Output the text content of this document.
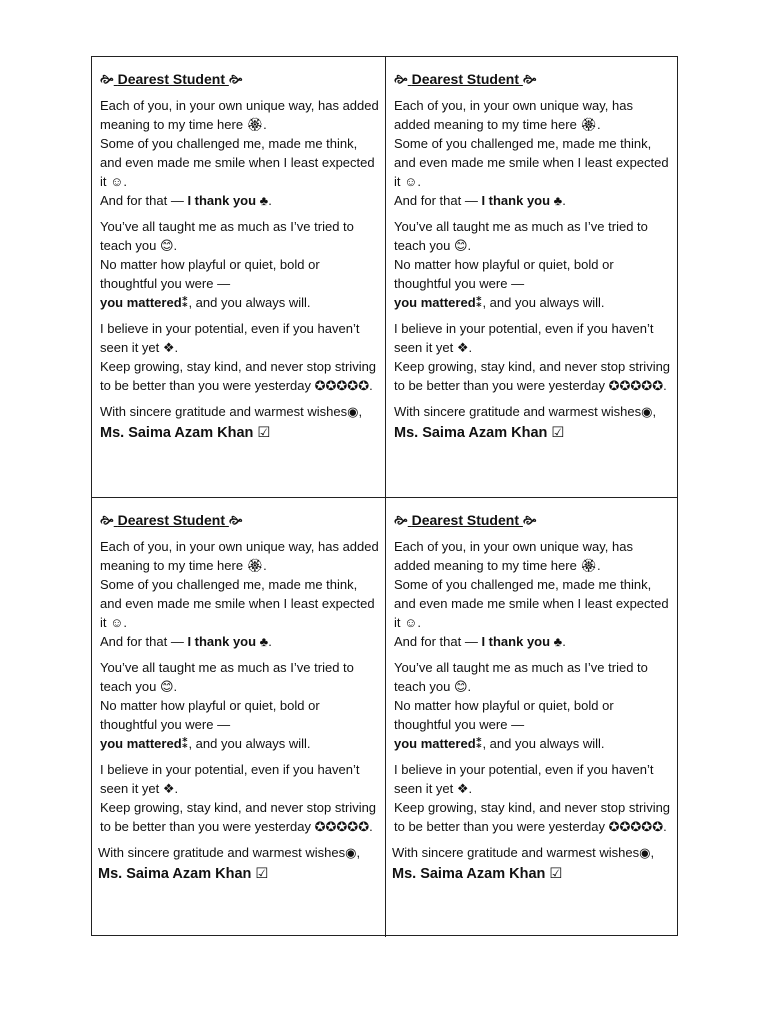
🙚 Dearest Student 🙚

Each of you, in your own unique way, has added meaning to my time here 🏵.

Some of you challenged me, made me think, and even made me smile when I least expected it ☺.

And for that — I thank you ♣.

You’ve all taught me as much as I’ve tried to teach you 😊.

No matter how playful or quiet, bold or thoughtful you were —

you mattered⁑, and you always will.

I believe in your potential, even if you haven’t seen it yet ❖.

Keep growing, stay kind, and never stop striving to be better than you were yesterday ✪✪✪✪✪.

With sincere gratitude and warmest wishes◉,

Ms. Saima Azam Khan ☑
🙚 Dearest Student 🙚

Each of you, in your own unique way, has added meaning to my time here 🏵.

Some of you challenged me, made me think, and even made me smile when I least expected it ☺.

And for that — I thank you ♣.

You’ve all taught me as much as I’ve tried to teach you 😊.

No matter how playful or quiet, bold or thoughtful you were —

you mattered⁑, and you always will.

I believe in your potential, even if you haven’t seen it yet ❖.

Keep growing, stay kind, and never stop striving to be better than you were yesterday ✪✪✪✪✪.

With sincere gratitude and warmest wishes◉,

Ms. Saima Azam Khan ☑
🙚 Dearest Student 🙚

Each of you, in your own unique way, has added meaning to my time here 🏵.

Some of you challenged me, made me think, and even made me smile when I least expected it ☺.

And for that — I thank you ♣.

You’ve all taught me as much as I’ve tried to teach you 😊.

No matter how playful or quiet, bold or thoughtful you were —

you mattered⁑, and you always will.

I believe in your potential, even if you haven’t seen it yet ❖.

Keep growing, stay kind, and never stop striving to be better than you were yesterday ✪✪✪✪✪.

With sincere gratitude and warmest wishes◉,

Ms. Saima Azam Khan ☑
🙚 Dearest Student 🙚

Each of you, in your own unique way, has added meaning to my time here 🏵.

Some of you challenged me, made me think, and even made me smile when I least expected it ☺.

And for that — I thank you ♣.

You’ve all taught me as much as I’ve tried to teach you 😊.

No matter how playful or quiet, bold or thoughtful you were —

you mattered⁑, and you always will.

I believe in your potential, even if you haven’t seen it yet ❖.

Keep growing, stay kind, and never stop striving to be better than you were yesterday ✪✪✪✪✪.

With sincere gratitude and warmest wishes◉,

Ms. Saima Azam Khan ☑
